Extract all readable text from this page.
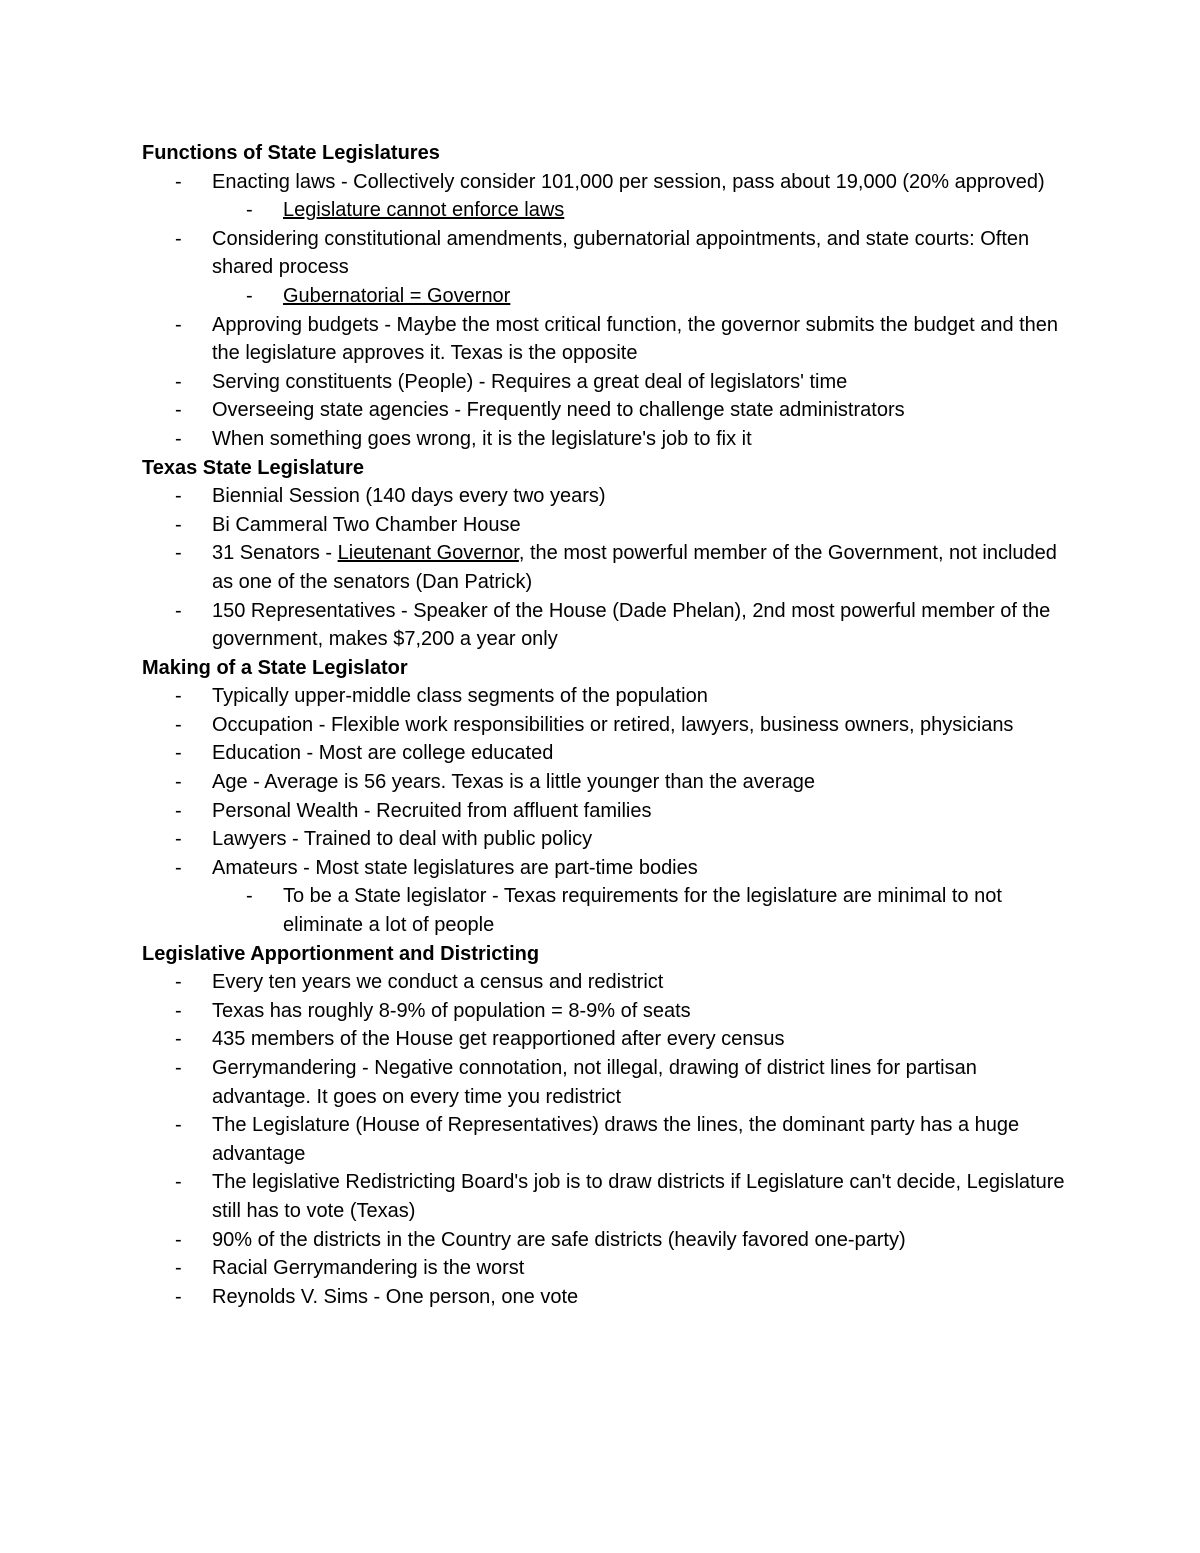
Functions of State Legislatures
- Enacting laws - Collectively consider 101,000 per session, pass about 19,000 (20% approved)
- Legislature cannot enforce laws
- Considering constitutional amendments, gubernatorial appointments, and state courts: Often shared process
- Gubernatorial = Governor
- Approving budgets - Maybe the most critical function, the governor submits the budget and then the legislature approves it. Texas is the opposite
- Serving constituents (People) - Requires a great deal of legislators' time
- Overseeing state agencies - Frequently need to challenge state administrators
- When something goes wrong, it is the legislature's job to fix it
Texas State Legislature
- Biennial Session (140 days every two years)
- Bi Cammeral Two Chamber House
- 31 Senators - Lieutenant Governor, the most powerful member of the Government, not included as one of the senators (Dan Patrick)
- 150 Representatives - Speaker of the House (Dade Phelan), 2nd most powerful member of the government, makes $7,200 a year only
Making of a State Legislator
- Typically upper-middle class segments of the population
- Occupation - Flexible work responsibilities or retired, lawyers, business owners, physicians
- Education - Most are college educated
- Age - Average is 56 years. Texas is a little younger than the average
- Personal Wealth - Recruited from affluent families
- Lawyers - Trained to deal with public policy
- Amateurs - Most state legislatures are part-time bodies
- To be a State legislator - Texas requirements for the legislature are minimal to not eliminate a lot of people
Legislative Apportionment and Districting
- Every ten years we conduct a census and redistrict
- Texas has roughly 8-9% of population = 8-9% of seats
- 435 members of the House get reapportioned after every census
- Gerrymandering - Negative connotation, not illegal, drawing of district lines for partisan advantage. It goes on every time you redistrict
- The Legislature (House of Representatives) draws the lines, the dominant party has a huge advantage
- The legislative Redistricting Board's job is to draw districts if Legislature can't decide, Legislature still has to vote (Texas)
- 90% of the districts in the Country are safe districts (heavily favored one-party)
- Racial Gerrymandering is the worst
- Reynolds V. Sims - One person, one vote
